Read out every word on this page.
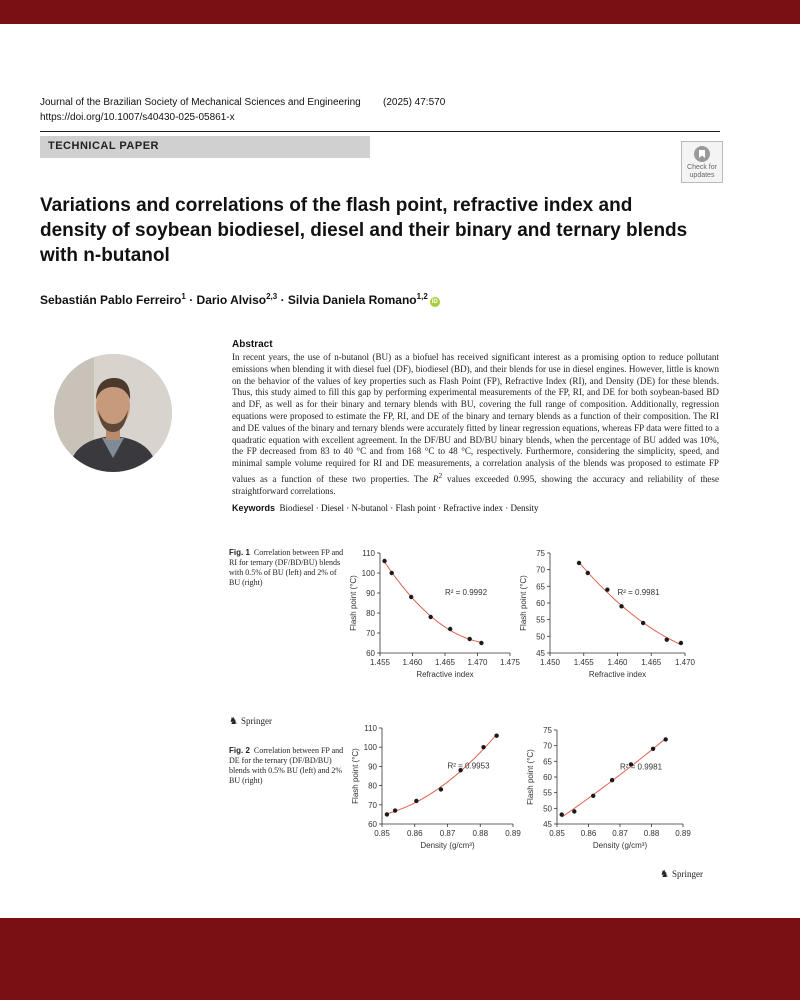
Journal of the Brazilian Society of Mechanical Sciences and Engineering (2025) 47:570
https://doi.org/10.1007/s40430-025-05861-x
TECHNICAL PAPER
Check for
updates
Variations and correlations of the flash point, refractive index and density of soybean biodiesel, diesel and their binary and ternary blends with n-butanol
Sebastián Pablo Ferreiro$^1$ · Dario Alviso$^{2,3}$ · Silvia Daniela Romano$^{1,2}$iD
Abstract
In recent years, the use of n-butanol (BU) as a biofuel has received significant interest as a promising option to reduce pollutant emissions when blending it with diesel fuel (DF), biodiesel (BD), and their blends for use in diesel engines. However, little is known on the behavior of the values of key properties such as Flash Point (FP), Refractive Index (RI), and Density (DE) for these blends. Thus, this study aimed to fill this gap by performing experimental measurements of the FP, RI, and DE for both soybean-based BD and DF, as well as for their binary and ternary blends with BU, covering the full range of composition. Additionally, regression equations were proposed to estimate the FP, RI, and DE of the binary and ternary blends as a function of their composition. The RI and DE values of the binary and ternary blends were accurately fitted by linear regression equations, whereas FP data were fitted to a quadratic equation with excellent agreement. In the DF/BU and BD/BU binary blends, when the percentage of BU added was 10%, the FP decreased from 83 to 40 °C and from 168 °C to 48 °C, respectively. Furthermore, considering the simplicity, speed, and minimal sample volume required for RI and DE measurements, a correlation analysis of the blends was proposed to estimate FP values as a function of these two properties. The $R^2$ values exceeded 0.995, showing the accuracy and reliability of these straightforward correlations.
Keywords Biodiesel · Diesel · N-butanol · Flash point · Refractive index · Density
Fig. 1 Correlation between FP and RI for ternary (DF/BD/BU) blends with 0.5% of BU (left) and 2% of BU (right)
60
70
80
90
100
110
1.455 1.460 1.465 1.470 1.475
Refractive index
Flash point (°C)	R² = 0.9992
45
50
55
60
65
70
75
1.450 1.455 1.460 1.465 1.470
Refractive index
Flash point (°C)	R² = 0.9981
♞ Springer
Fig. 2 Correlation between FP and DE for the ternary (DF/BD/BU) blends with 0.5% BU (left) and 2% BU (right)
60
70
80
90
100
110
0.85 0.86 0.87 0.88 0.89
Density (g/cm³)
Flash point (°C)	R² = 0.9953
45
50
55
60
65
70
75
0.85 0.86 0.87 0.88 0.89
Density (g/cm³)
Flash point (°C)	R² = 0.9981
♞ Springer
